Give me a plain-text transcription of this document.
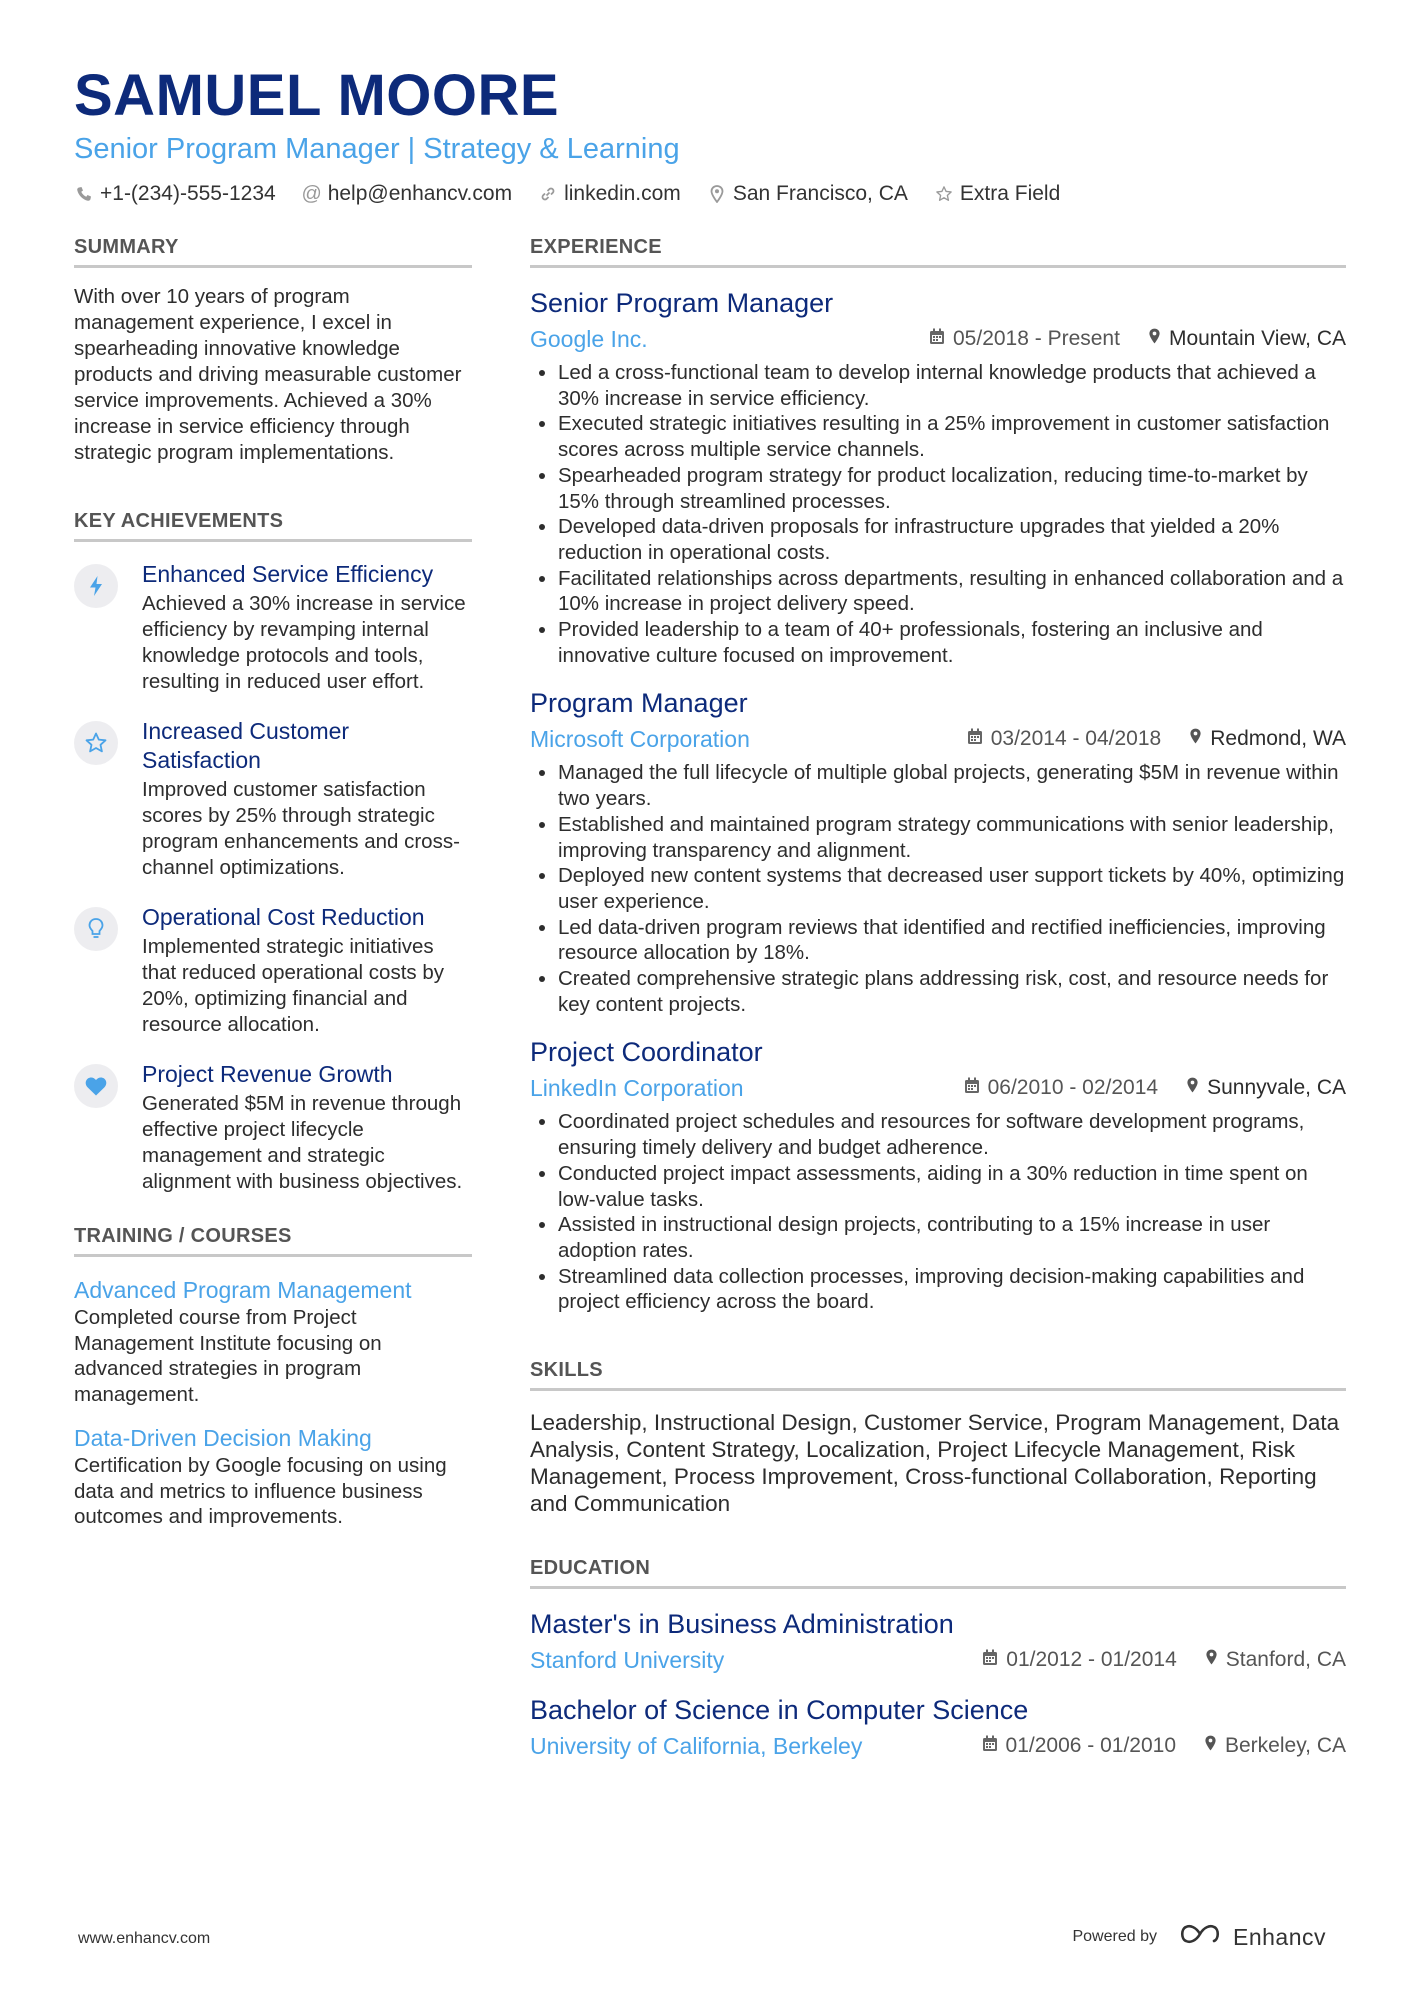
SAMUEL MOORE
Senior Program Manager | Strategy & Learning
+1-(234)-555-1234 @ help@enhancv.com linkedin.com San Francisco, CA Extra Field
SUMMARY
With over 10 years of program management experience, I excel in spearheading innovative knowledge products and driving measurable customer service improvements. Achieved a 30% increase in service efficiency through strategic program implementations.
KEY ACHIEVEMENTS
Enhanced Service Efficiency
Achieved a 30% increase in service efficiency by revamping internal knowledge protocols and tools, resulting in reduced user effort.
Increased Customer Satisfaction
Improved customer satisfaction scores by 25% through strategic program enhancements and cross-channel optimizations.
Operational Cost Reduction
Implemented strategic initiatives that reduced operational costs by 20%, optimizing financial and resource allocation.
Project Revenue Growth
Generated $5M in revenue through effective project lifecycle management and strategic alignment with business objectives.
TRAINING / COURSES
Advanced Program Management
Completed course from Project Management Institute focusing on advanced strategies in program management.
Data-Driven Decision Making
Certification by Google focusing on using data and metrics to influence business outcomes and improvements.
EXPERIENCE
Senior Program Manager
Google Inc.	05/2018 - Present Mountain View, CA
• Led a cross-functional team to develop internal knowledge products that achieved a 30% increase in service efficiency.
• Executed strategic initiatives resulting in a 25% improvement in customer satisfaction scores across multiple service channels.
• Spearheaded program strategy for product localization, reducing time-to-market by 15% through streamlined processes.
• Developed data-driven proposals for infrastructure upgrades that yielded a 20% reduction in operational costs.
• Facilitated relationships across departments, resulting in enhanced collaboration and a 10% increase in project delivery speed.
• Provided leadership to a team of 40+ professionals, fostering an inclusive and innovative culture focused on improvement.
Program Manager
Microsoft Corporation	03/2014 - 04/2018 Redmond, WA
• Managed the full lifecycle of multiple global projects, generating $5M in revenue within two years.
• Established and maintained program strategy communications with senior leadership, improving transparency and alignment.
• Deployed new content systems that decreased user support tickets by 40%, optimizing user experience.
• Led data-driven program reviews that identified and rectified inefficiencies, improving resource allocation by 18%.
• Created comprehensive strategic plans addressing risk, cost, and resource needs for key content projects.
Project Coordinator
LinkedIn Corporation	06/2010 - 02/2014 Sunnyvale, CA
• Coordinated project schedules and resources for software development programs, ensuring timely delivery and budget adherence.
• Conducted project impact assessments, aiding in a 30% reduction in time spent on low-value tasks.
• Assisted in instructional design projects, contributing to a 15% increase in user adoption rates.
• Streamlined data collection processes, improving decision-making capabilities and project efficiency across the board.
SKILLS
Leadership, Instructional Design, Customer Service, Program Management, Data Analysis, Content Strategy, Localization, Project Lifecycle Management, Risk Management, Process Improvement, Cross-functional Collaboration, Reporting and Communication
EDUCATION
Master's in Business Administration
Stanford University	01/2012 - 01/2014 Stanford, CA
Bachelor of Science in Computer Science
University of California, Berkeley	01/2006 - 01/2010 Berkeley, CA
www.enhancv.com	Powered by	Enhancv
